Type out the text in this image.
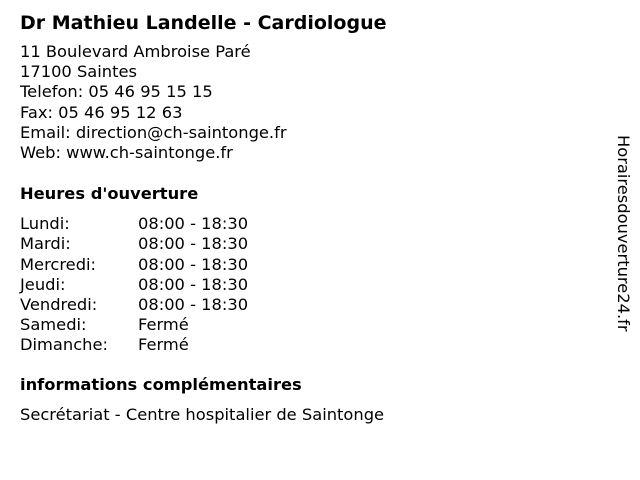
Dr Mathieu Landelle - Cardiologue
11 Boulevard Ambroise Paré
17100 Saintes
Telefon: 05 46 95 15 15
Fax: 05 46 95 12 63
Email: direction@ch-saintonge.fr
Web: www.ch-saintonge.fr
Heures d'ouverture
Lundi:	08:00 - 18:30
Mardi:	08:00 - 18:30
Mercredi:	08:00 - 18:30
Jeudi:	08:00 - 18:30
Vendredi:	08:00 - 18:30
Samedi:	Fermé
Dimanche:	Fermé
informations complémentaires
Secrétariat - Centre hospitalier de Saintonge
Horairesdouverture24.fr
